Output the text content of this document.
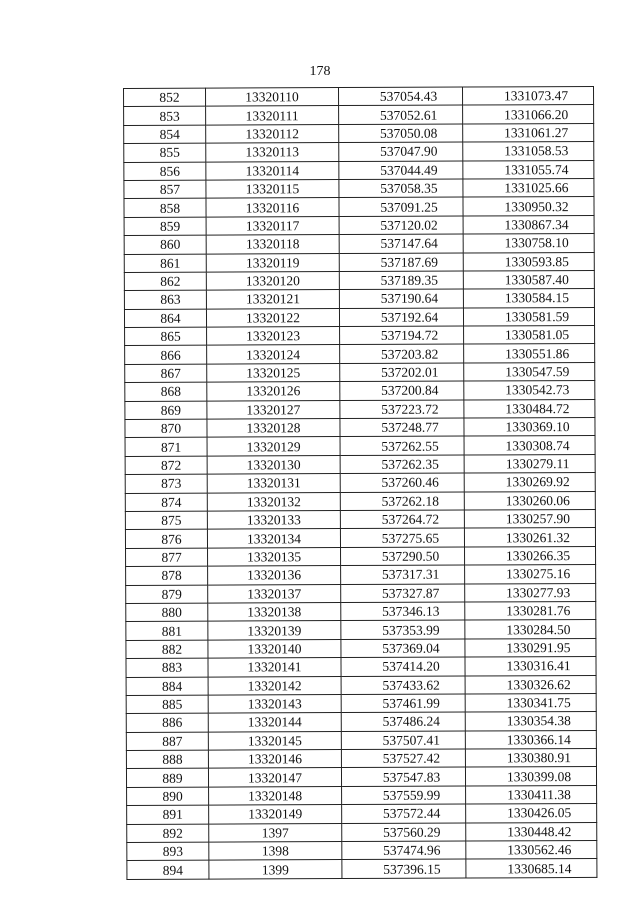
178
852	13320110	537054.43	1331073.47
853	13320111	537052.61	1331066.20
854	13320112	537050.08	1331061.27
855	13320113	537047.90	1331058.53
856	13320114	537044.49	1331055.74
857	13320115	537058.35	1331025.66
858	13320116	537091.25	1330950.32
859	13320117	537120.02	1330867.34
860	13320118	537147.64	1330758.10
861	13320119	537187.69	1330593.85
862	13320120	537189.35	1330587.40
863	13320121	537190.64	1330584.15
864	13320122	537192.64	1330581.59
865	13320123	537194.72	1330581.05
866	13320124	537203.82	1330551.86
867	13320125	537202.01	1330547.59
868	13320126	537200.84	1330542.73
869	13320127	537223.72	1330484.72
870	13320128	537248.77	1330369.10
871	13320129	537262.55	1330308.74
872	13320130	537262.35	1330279.11
873	13320131	537260.46	1330269.92
874	13320132	537262.18	1330260.06
875	13320133	537264.72	1330257.90
876	13320134	537275.65	1330261.32
877	13320135	537290.50	1330266.35
878	13320136	537317.31	1330275.16
879	13320137	537327.87	1330277.93
880	13320138	537346.13	1330281.76
881	13320139	537353.99	1330284.50
882	13320140	537369.04	1330291.95
883	13320141	537414.20	1330316.41
884	13320142	537433.62	1330326.62
885	13320143	537461.99	1330341.75
886	13320144	537486.24	1330354.38
887	13320145	537507.41	1330366.14
888	13320146	537527.42	1330380.91
889	13320147	537547.83	1330399.08
890	13320148	537559.99	1330411.38
891	13320149	537572.44	1330426.05
892	1397	537560.29	1330448.42
893	1398	537474.96	1330562.46
894	1399	537396.15	1330685.14
